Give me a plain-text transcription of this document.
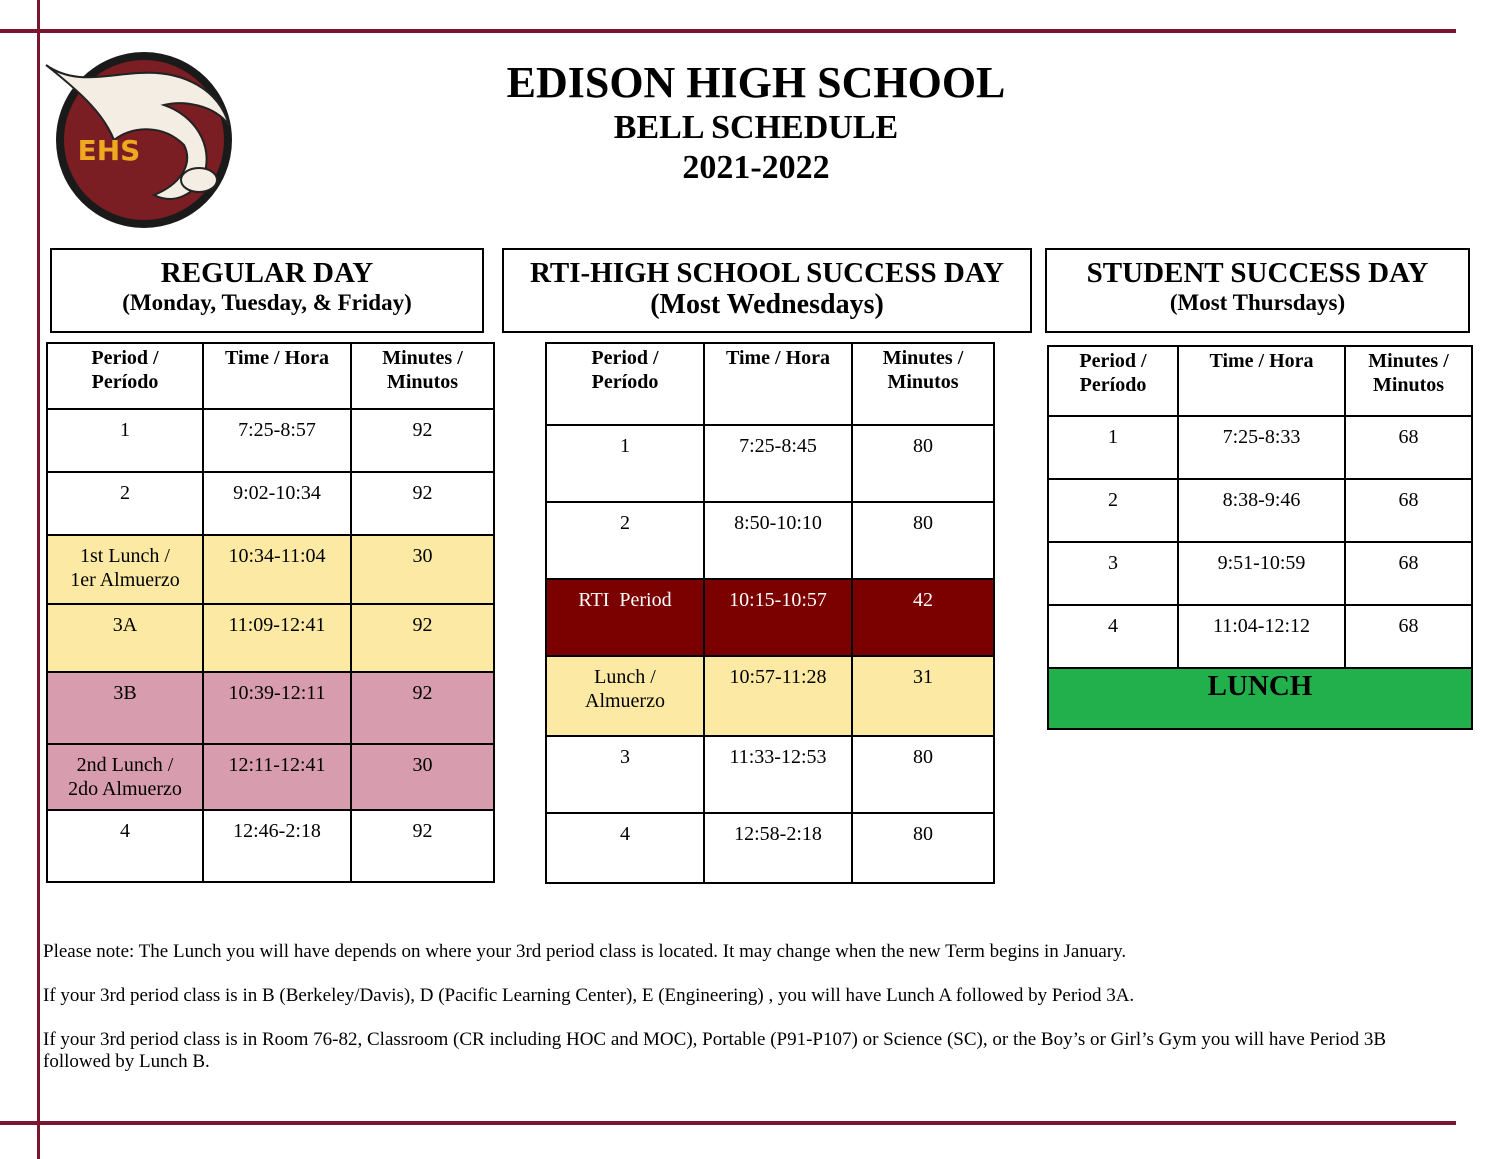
EHS
EDISON HIGH SCHOOL
BELL SCHEDULE
2021-2022
REGULAR DAY
(Monday, Tuesday, & Friday)
RTI-HIGH SCHOOL SUCCESS DAY
(Most Wednesdays)
STUDENT SUCCESS DAY
(Most Thursdays)
Period /
Período	Time / Hora	Minutes /
Minutos
1	7:25-8:57	92
2	9:02-10:34	92
1st Lunch /
1er Almuerzo	10:34-11:04	30
3A	11:09-12:41	92
3B	10:39-12:11	92
2nd Lunch /
2do Almuerzo	12:11-12:41	30
4	12:46-2:18	92
Period /
Período	Time / Hora	Minutes /
Minutos
1	7:25-8:45	80
2	8:50-10:10	80
RTI  Period	10:15-10:57	42
Lunch /
Almuerzo	10:57-11:28	31
3	11:33-12:53	80
4	12:58-2:18	80
Period /
Período	Time / Hora	Minutes /
Minutos
1	7:25-8:33	68
2	8:38-9:46	68
3	9:51-10:59	68
4	11:04-12:12	68
LUNCH		

Please note: The Lunch you will have depends on where your 3rd period class is located. It may change when the new Term begins in January.

If your 3rd period class is in B (Berkeley/Davis), D (Pacific Learning Center), E (Engineering) , you will have Lunch A followed by Period 3A.

If your 3rd period class is in Room 76-82, Classroom (CR including HOC and MOC), Portable (P91-P107) or Science (SC), or the Boy’s or Girl’s Gym you will have Period 3B followed by Lunch B.
